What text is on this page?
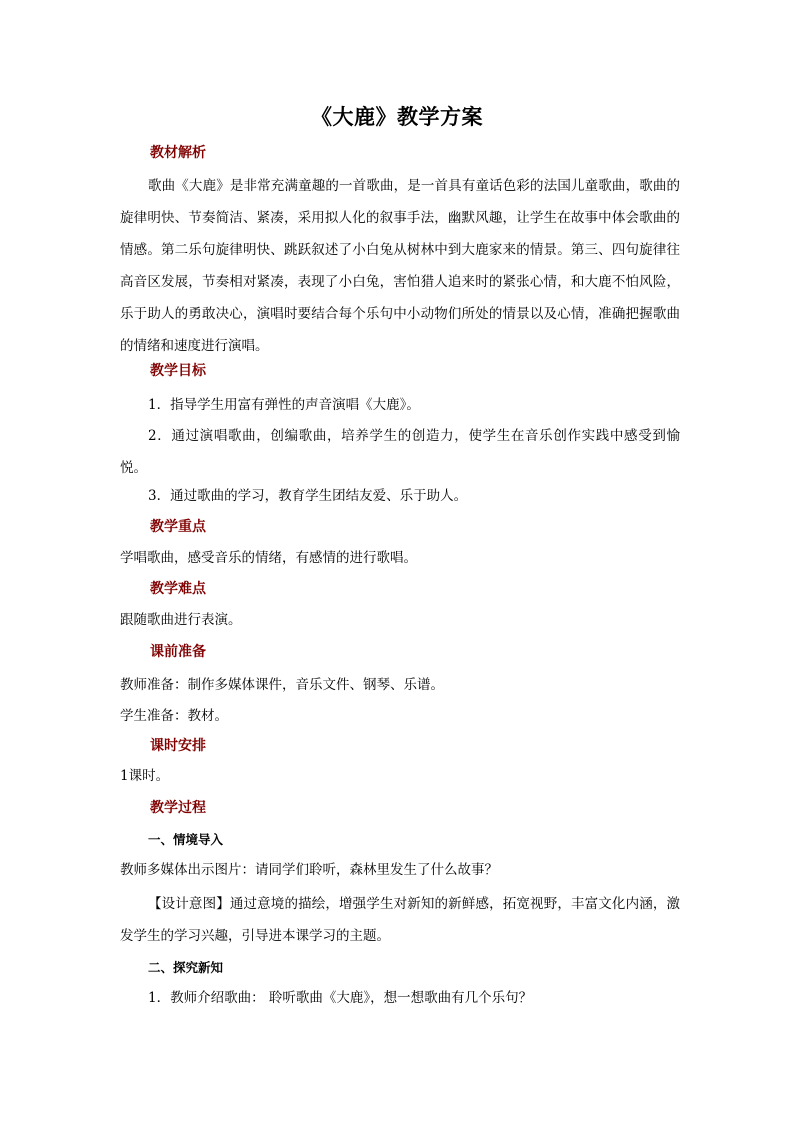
《大鹿》教学方案
教材解析
歌曲《大鹿》是非常充满童趣的一首歌曲，是一首具有童话色彩的法国儿童歌曲，歌曲的旋律明快、节奏简洁、紧凑，采用拟人化的叙事手法，幽默风趣，让学生在故事中体会歌曲的情感。第二乐句旋律明快、跳跃叙述了小白兔从树林中到大鹿家来的情景。第三、四句旋律往高音区发展，节奏相对紧凑，表现了小白兔，害怕猎人追来时的紧张心情，和大鹿不怕风险，乐于助人的勇敢决心，演唱时要结合每个乐句中小动物们所处的情景以及心情，准确把握歌曲的情绪和速度进行演唱。
教学目标
1．指导学生用富有弹性的声音演唱《大鹿》。
2．通过演唱歌曲，创编歌曲，培养学生的创造力，使学生在音乐创作实践中感受到愉悦。
3．通过歌曲的学习，教育学生团结友爱、乐于助人。
教学重点
学唱歌曲，感受音乐的情绪，有感情的进行歌唱。
教学难点
跟随歌曲进行表演。
课前准备
教师准备：制作多媒体课件，音乐文件、钢琴、乐谱。
学生准备：教材。
课时安排
1课时。
教学过程
一、情境导入
教师多媒体出示图片：请同学们聆听，森林里发生了什么故事？
【设计意图】通过意境的描绘，增强学生对新知的新鲜感，拓宽视野，丰富文化内涵，激发学生的学习兴趣，引导进本课学习的主题。
二、探究新知
1．教师介绍歌曲： 聆听歌曲《大鹿》，想一想歌曲有几个乐句？
